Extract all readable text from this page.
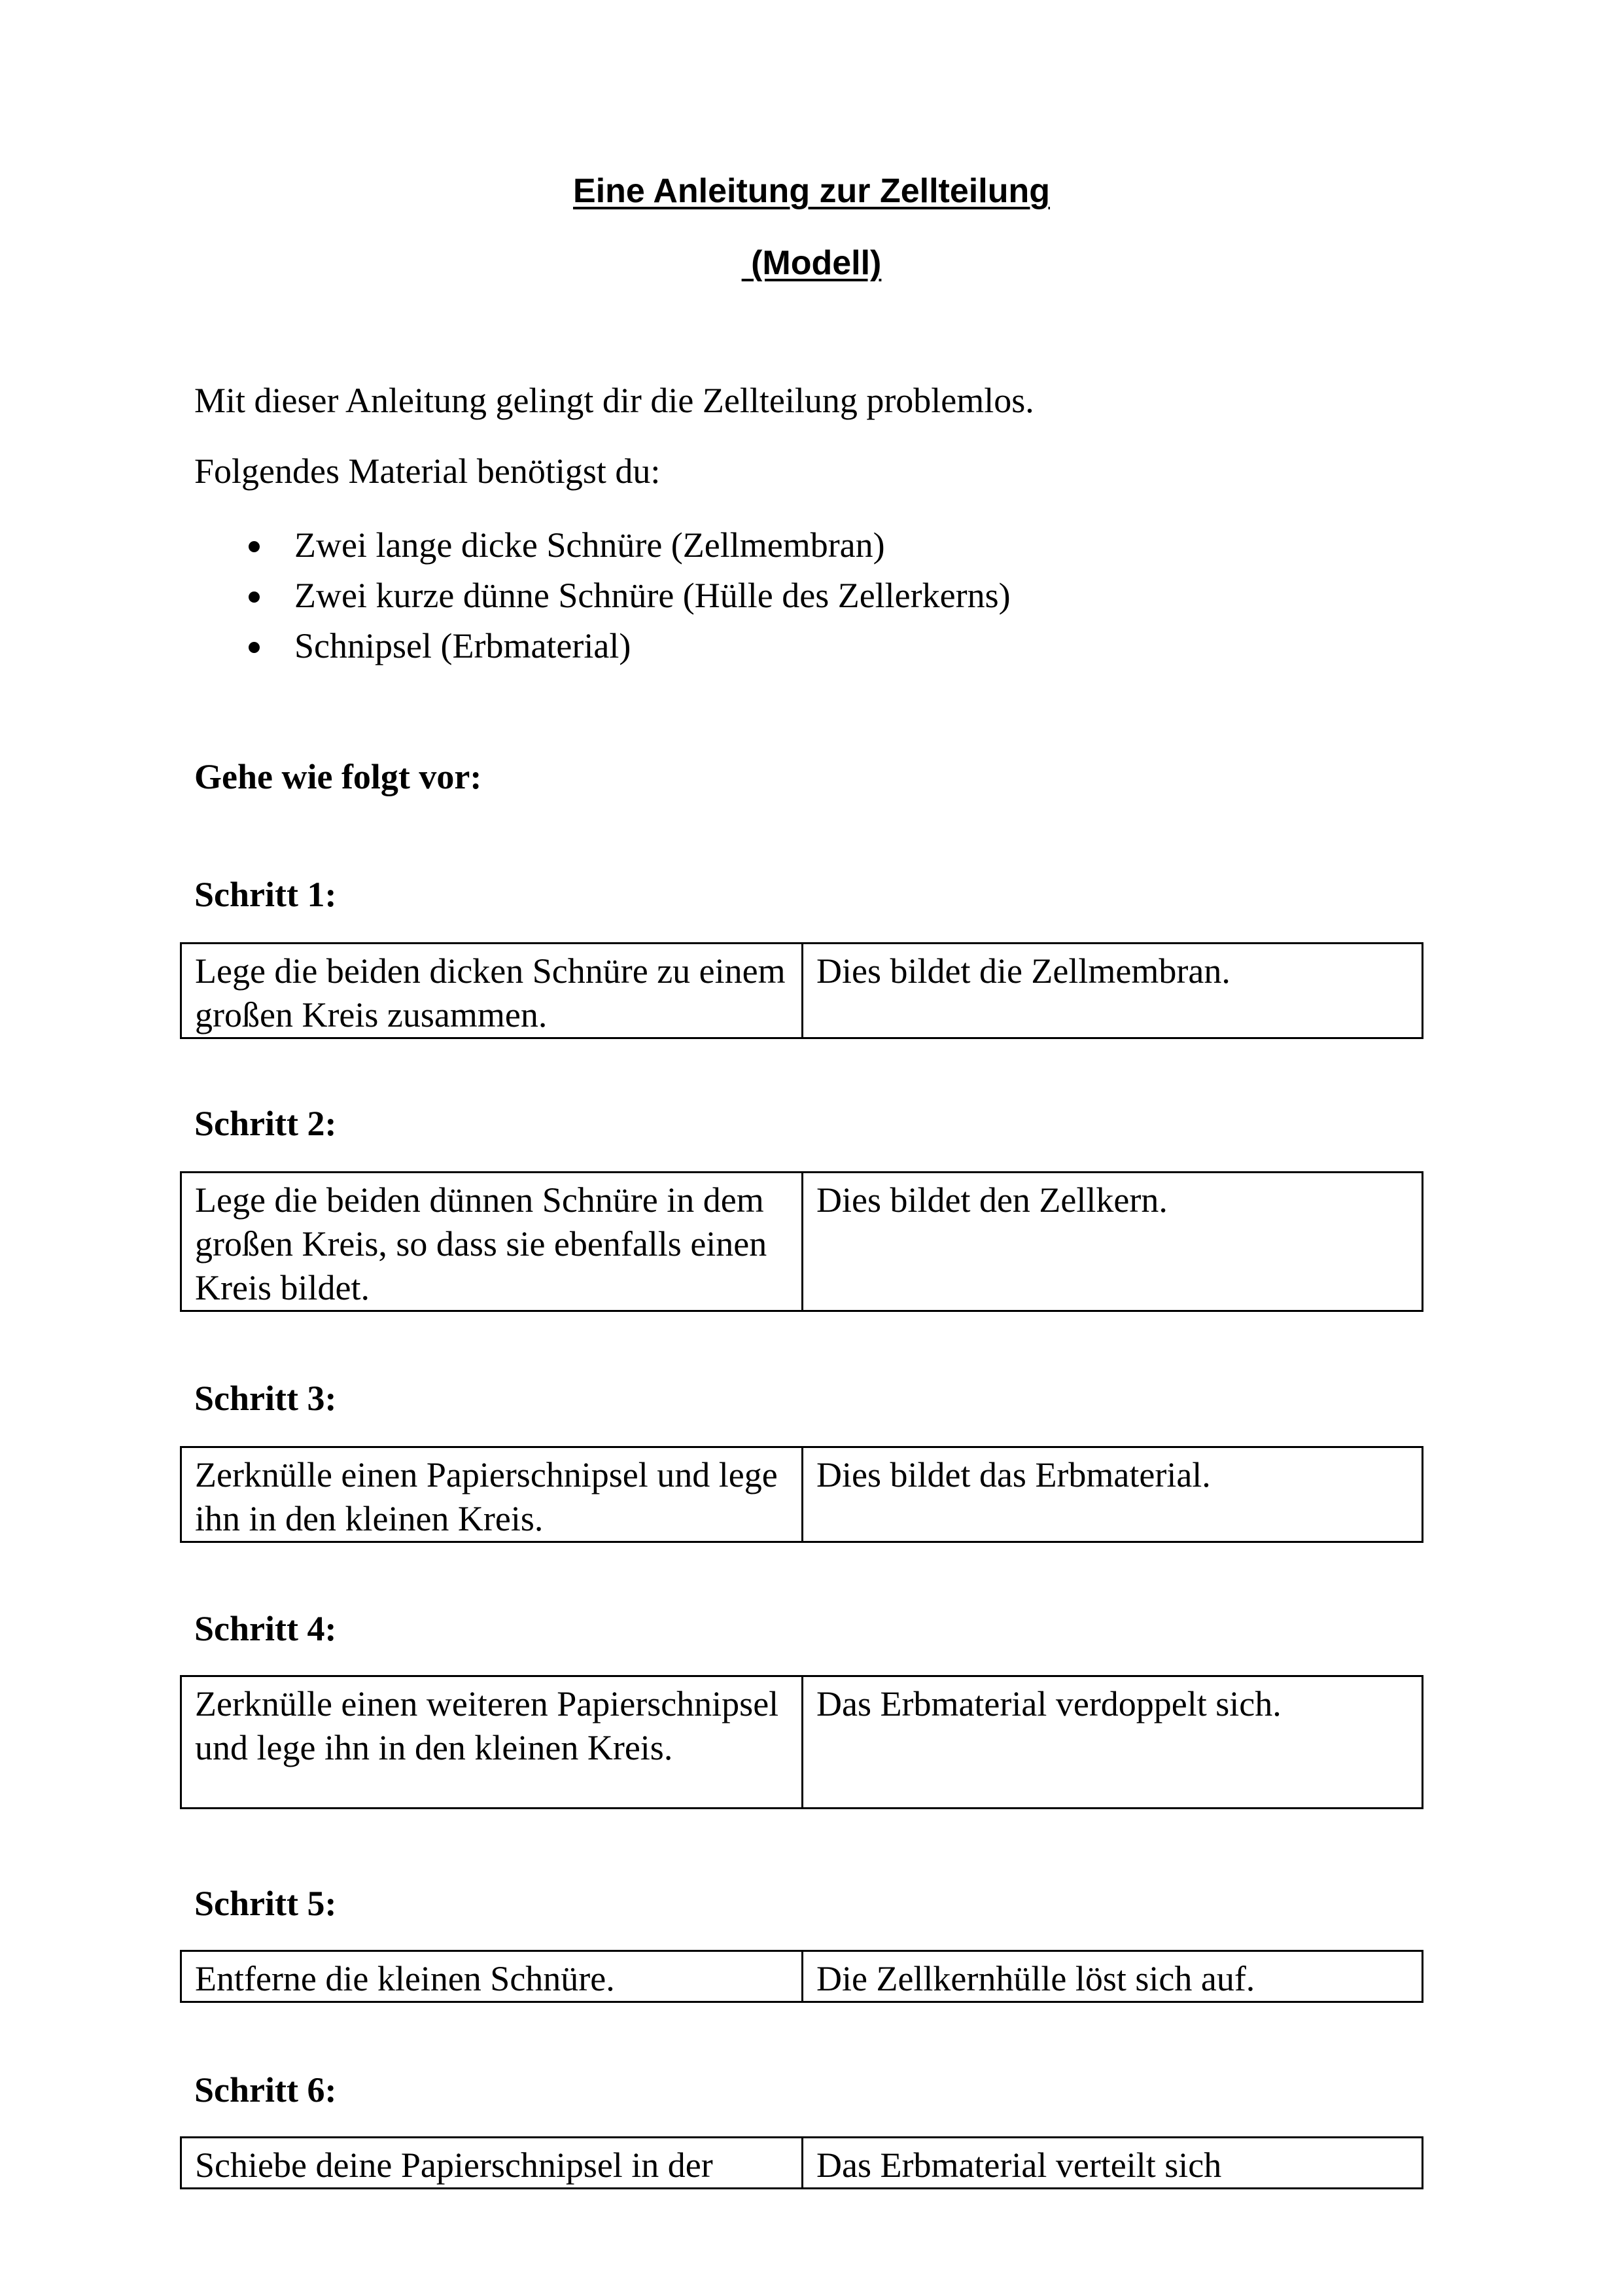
Eine Anleitung zur Zellteilung
(Modell)
Mit dieser Anleitung gelingt dir die Zellteilung problemlos.
Folgendes Material benötigst du:
Zwei lange dicke Schnüre (Zellmembran)
Zwei kurze dünne Schnüre (Hülle des Zellerkerns)
Schnipsel (Erbmaterial)
Gehe wie folgt vor:
Schritt 1:
Lege die beiden dicken Schnüre zu einem großen Kreis zusammen.	Dies bildet die Zellmembran.
Schritt 2:
Lege die beiden dünnen Schnüre in dem großen Kreis, so dass sie ebenfalls einen Kreis bildet.	Dies bildet den Zellkern.
Schritt 3:
Zerknülle einen Papierschnipsel und lege ihn in den kleinen Kreis.	Dies bildet das Erbmaterial.
Schritt 4:
Zerknülle einen weiteren Papierschnipsel und lege ihn in den kleinen Kreis.	Das Erbmaterial verdoppelt sich.
Schritt 5:
Entferne die kleinen Schnüre.	Die Zellkernhülle löst sich auf.
Schritt 6:
Schiebe deine Papierschnipsel in der	Das Erbmaterial verteilt sich
